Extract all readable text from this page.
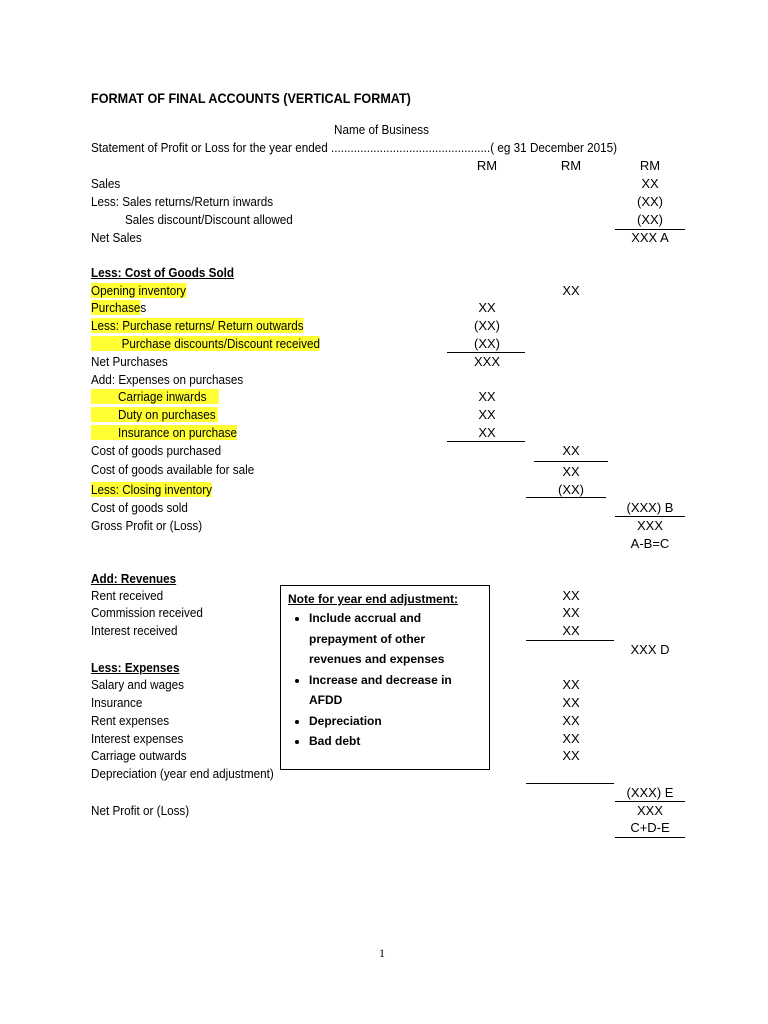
FORMAT OF FINAL ACCOUNTS (VERTICAL FORMAT)
Name of Business
Statement of Profit or Loss for the year ended .................................................( eg 31 December 2015)
RM	RM	RM
Sales	XX
Less: Sales returns/Return inwards	(XX)
Sales discount/Discount allowed	(XX)
Net Sales	XXX A
Less: Cost of Goods Sold
Opening inventory	XX
Purchases	XX
Less: Purchase returns/ Return outwards	(XX)
Purchase discounts/Discount received	(XX)
Net Purchases	XXX
Add: Expenses on purchases
Carriage inwards	XX
Duty on purchases	XX
Insurance on purchase	XX
Cost of goods purchased	XX
Cost of goods available for sale	XX
Less: Closing inventory	(XX)
Cost of goods sold	(XXX) B
Gross Profit or (Loss)	XXX
A-B=C
Add: Revenues
Rent received	XX
Commission received	XX
Interest received	XX
XXX D
Less: Expenses
Salary and wages	XX
Insurance	XX
Rent expenses	XX
Interest expenses	XX
Carriage outwards	XX
Depreciation (year end adjustment)
(XXX) E
Net Profit or (Loss)	XXX
C+D-E
Note for year end adjustment:
• Include accrual and prepayment of other revenues and expenses
• Increase and decrease in AFDD
• Depreciation
• Bad debt
1
